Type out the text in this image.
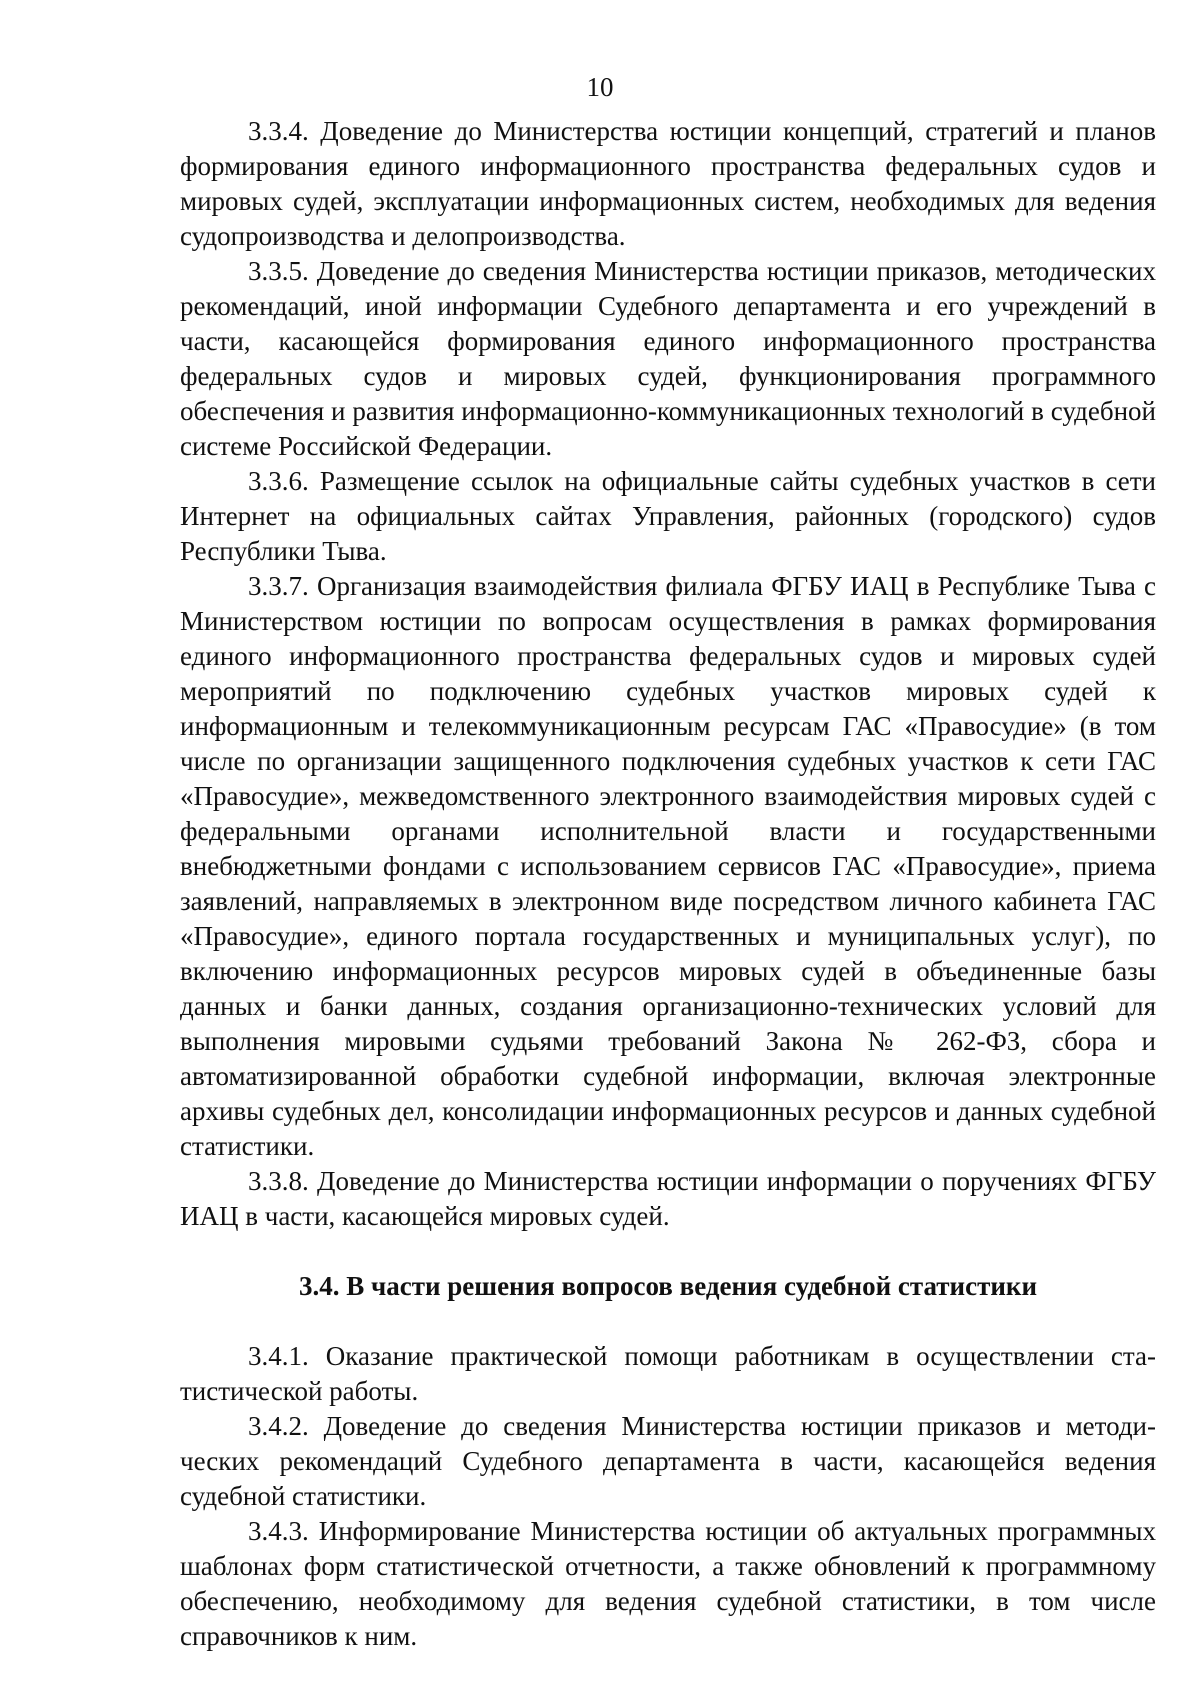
10

3.3.4. Доведение до Министерства юстиции концепций, стратегий и планов формирования единого информационного пространства федеральных судов и мировых судей, эксплуатации информационных систем, необходимых для ведения судопроизводства и делопроизводства.

3.3.5. Доведение до сведения Министерства юстиции приказов, методических рекомендаций, иной информации Судебного департамента и его учреждений в части, касающейся формирования единого информационного пространства федеральных судов и мировых судей, функционирования программного обеспечения и развития информационно-коммуникационных технологий в судебной системе Российской Федерации.

3.3.6. Размещение ссылок на официальные сайты судебных участков в сети Интернет на официальных сайтах Управления, районных (городского) судов Республики Тыва.

3.3.7. Организация взаимодействия филиала ФГБУ ИАЦ в Республике Тыва с Министерством юстиции по вопросам осуществления в рамках формирования единого информационного пространства федеральных судов и мировых судей мероприятий по подключению судебных участков мировых судей к информационным и телекоммуникационным ресурсам ГАС «Правосудие» (в том числе по организации защищенного подключения судебных участков к сети ГАС «Правосудие», межведомственного электронного взаимодействия мировых судей с федеральными органами исполнительной власти и государственными внебюджетными фондами с использованием сервисов ГАС «Правосудие», приема заявлений, направляемых в электронном виде посредством личного кабинета ГАС «Правосудие», единого портала государственных и муниципальных услуг), по включению информационных ресурсов мировых судей в объединенные базы данных и банки данных, создания организационно-технических условий для выполнения мировыми судьями требований Закона № 262-ФЗ, сбора и автоматизированной обработки судебной информации, включая электронные архивы судебных дел, консолидации информационных ресурсов и данных судебной статистики.

3.3.8. Доведение до Министерства юстиции информации о поручениях ФГБУ ИАЦ в части, касающейся мировых судей.

3.4. В части решения вопросов ведения судебной статистики

3.4.1. Оказание практической помощи работникам в осуществлении статистической работы.

3.4.2. Доведение до сведения Министерства юстиции приказов и методических рекомендаций Судебного департамента в части, касающейся ведения судебной статистики.

3.4.3. Информирование Министерства юстиции об актуальных программных шаблонах форм статистической отчетности, а также обновлений к программному обеспечению, необходимому для ведения судебной статистики, в том числе справочников к ним.
